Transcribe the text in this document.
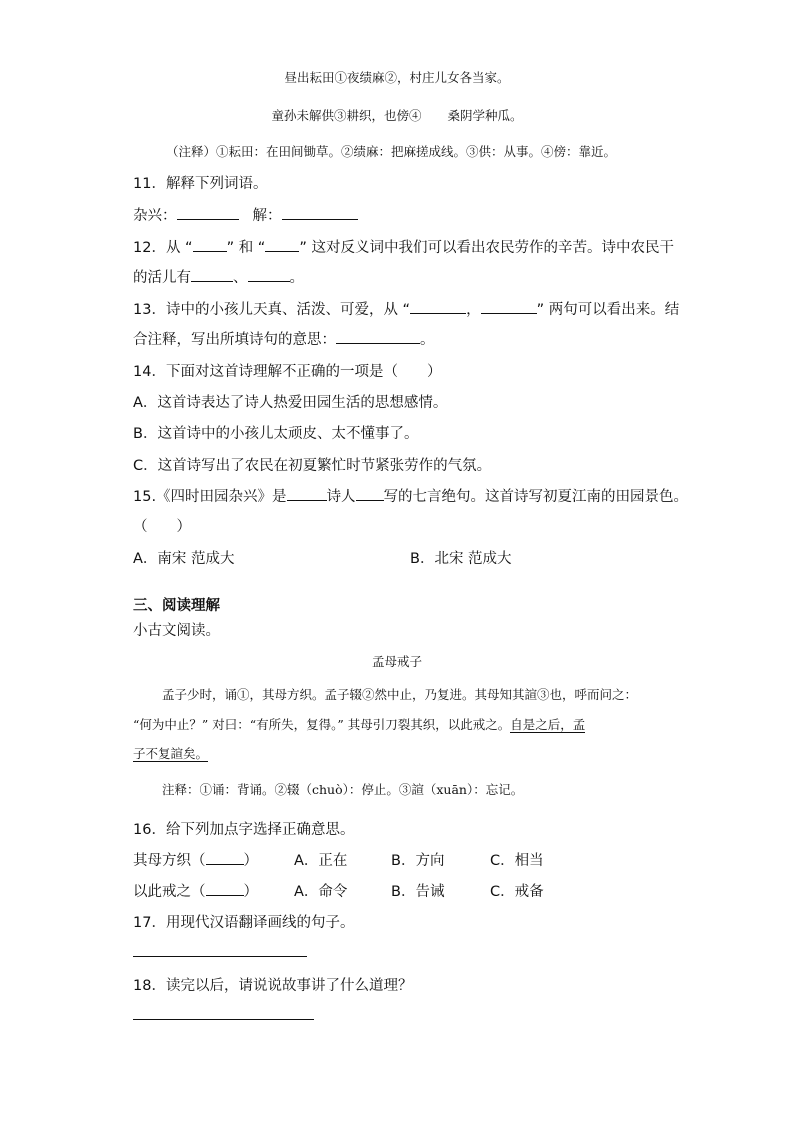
昼出耘田①夜绩麻②，村庄儿女各当家。
童孙未解供③耕织，也傍④ 桑阴学种瓜。
（注释）①耘田：在田间锄草。②绩麻：把麻搓成线。③供：从事。④傍：靠近。
11．解释下列词语。
杂兴：	解：
12．从 “ ” 和 “ ” 这对反义词中我们可以看出农民劳作的辛苦。诗中农民干
的活儿有	、	。
13．诗中的小孩儿天真、活泼、可爱，从 “	，	” 两句可以看出来。结
合注释，写出所填诗句的意思：	。
14．下面对这首诗理解不正确的一项是（　　）
A．这首诗表达了诗人热爱田园生活的思想感情。
B．这首诗中的小孩儿太顽皮、太不懂事了。
C．这首诗写出了农民在初夏繁忙时节紧张劳作的气氛。
15.《四时田园杂兴》是	诗人 写的七言绝句。这首诗写初夏江南的田园景色。
（　　）
A．南宋 范成大	B．北宋 范成大
三、阅读理解
小古文阅读。
孟母戒子
孟子少时，诵①，其母方织。孟子辍②然中止，乃复进。其母知其諠③也，呼而问之：
“何为中止？” 对曰：“有所失，复得。” 其母引刀裂其织，以此戒之。自是之后，孟
子不复諠矣。
注释：①诵：背诵。②辍（chuò）：停止。③諠（xuān）：忘记。
16．给下列加点字选择正确意思。
其母方织（	） A．正在	B．方向	C．相当
以此戒之（	） A．命令	B．告诫	C．戒备
17．用现代汉语翻译画线的句子。
18．读完以后，请说说故事讲了什么道理？
